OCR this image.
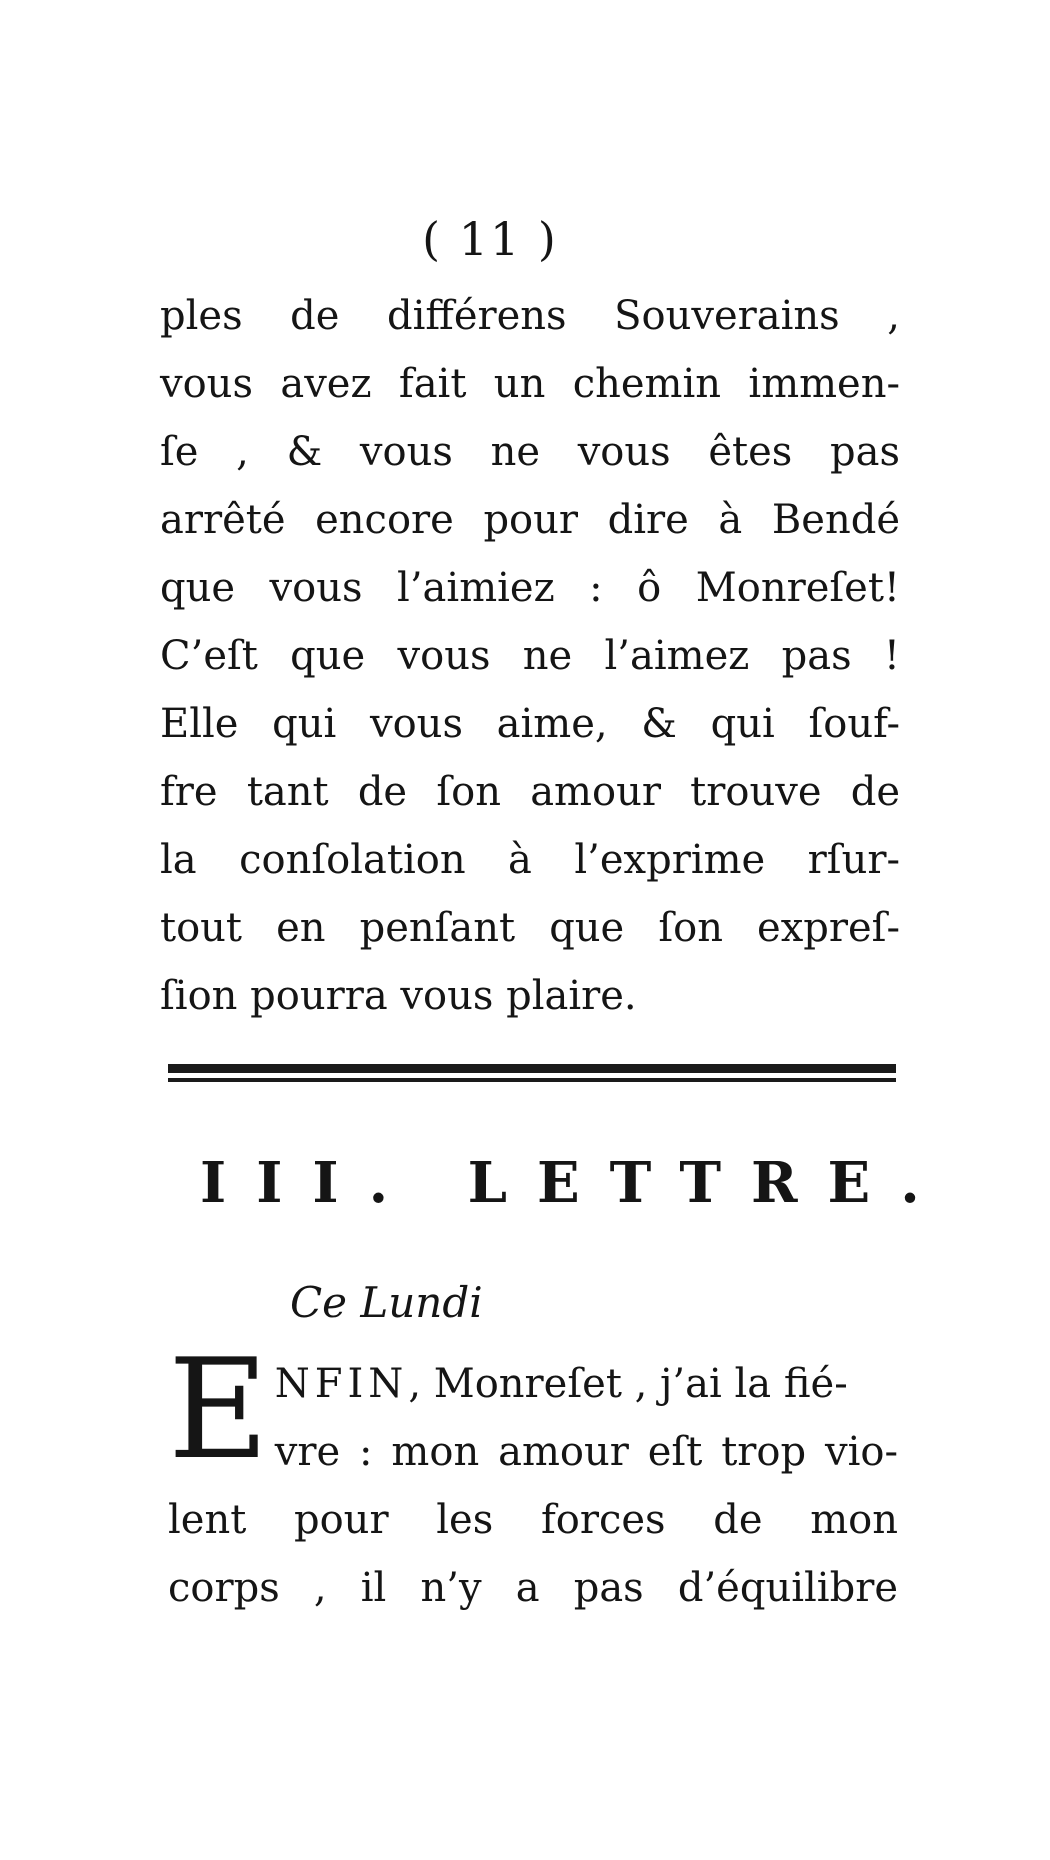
( 11 )
ples de différens Souverains ,
vous avez fait un chemin immen-
ſe , & vous ne vous êtes pas
arrêté encore pour dire à Bendé
que vous l’aimiez : ô Monreſet!
C’eſt que vous ne l’aimez pas !
Elle qui vous aime, & qui ſouf-
fre tant de ſon amour trouve de
la conſolation à l’exprime rſur-
tout en penſant que ſon expreſ-
ſion pourra vous plaire.
III. LETTRE.
Ce Lundi
E NFIN, Monreſet , j’ai la fié-
vre : mon amour eſt trop vio-
lent pour les forces de mon
corps , il n’y a pas d’équilibre
